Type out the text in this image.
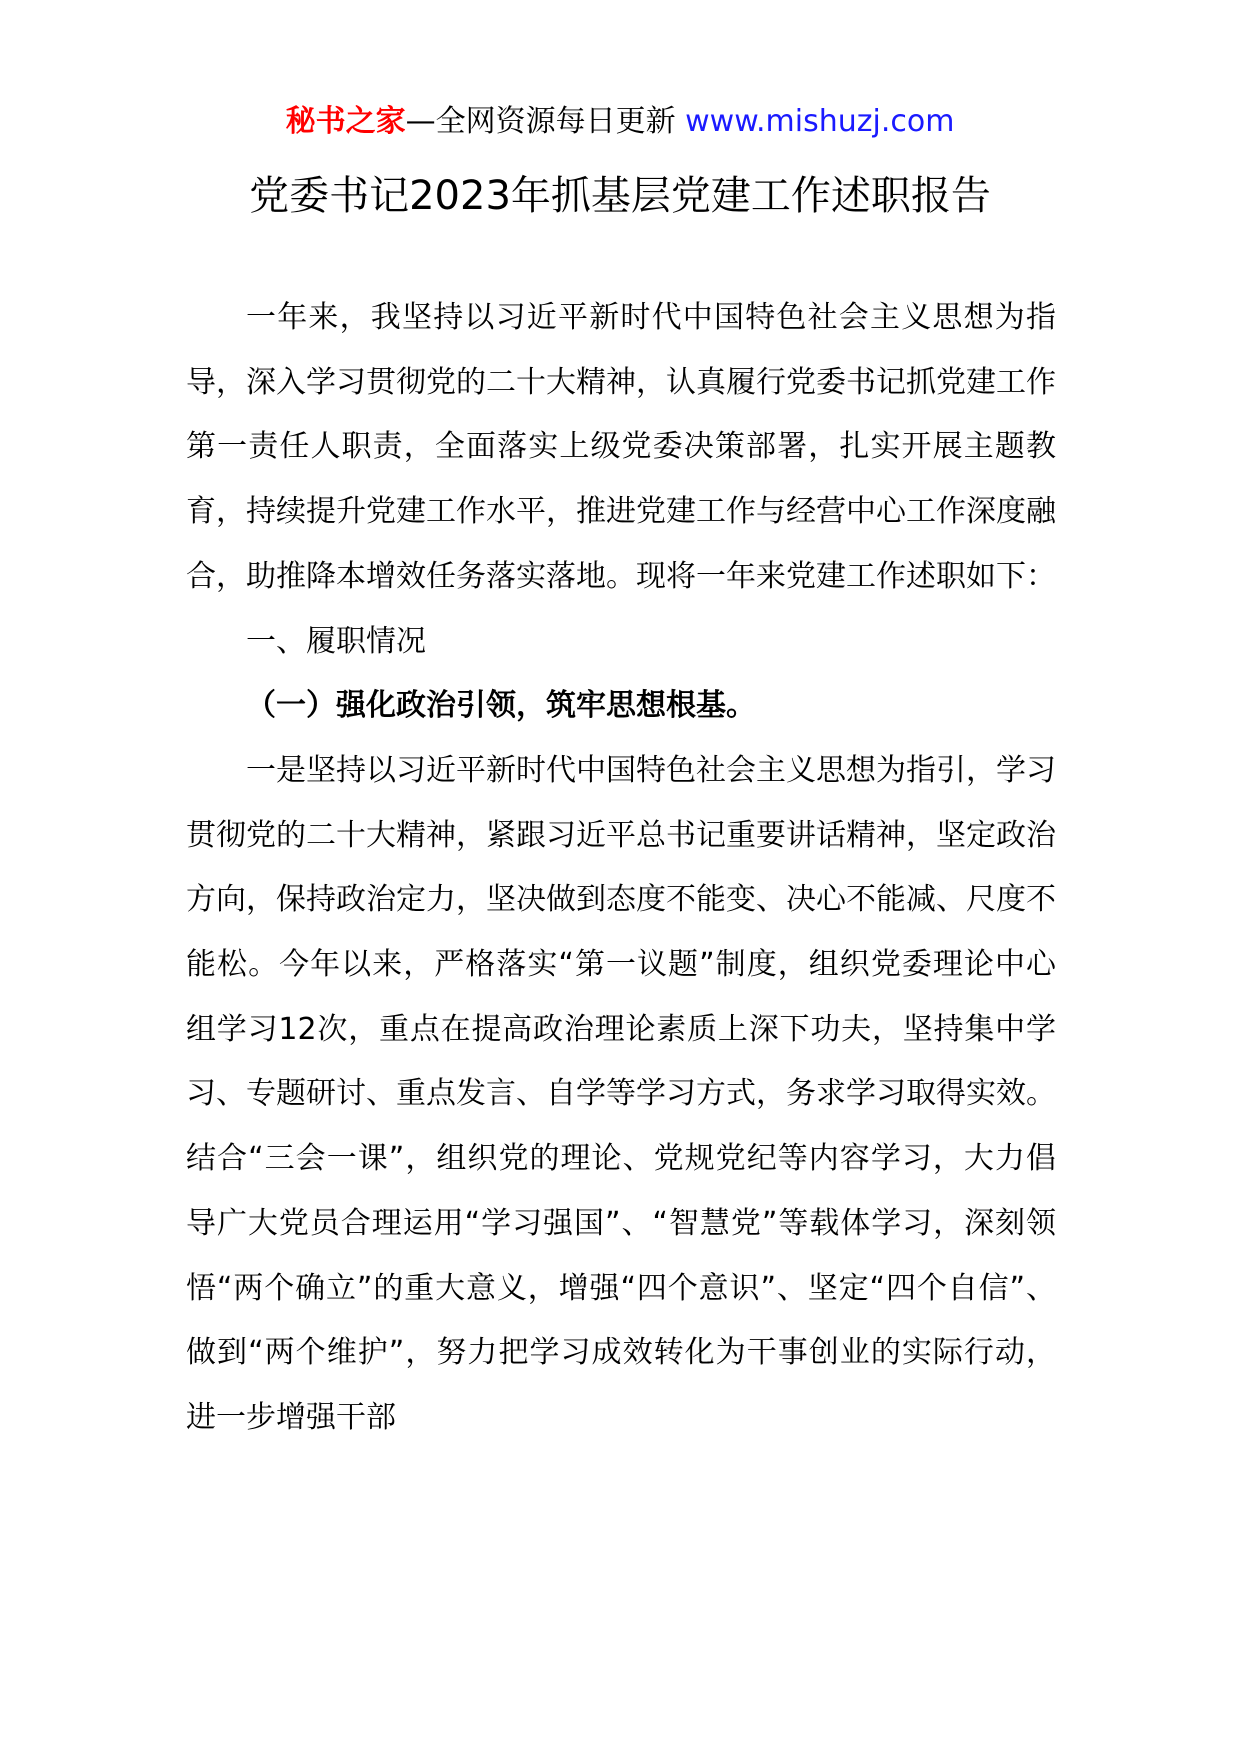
秘书之家—全网资源每日更新 www.mishuzj.com
党委书记2023年抓基层党建工作述职报告

一年来，我坚持以习近平新时代中国特色社会主义思想为指导，深入学习贯彻党的二十大精神，认真履行党委书记抓党建工作第一责任人职责，全面落实上级党委决策部署，扎实开展主题教育，持续提升党建工作水平，推进党建工作与经营中心工作深度融合，助推降本增效任务落实落地。现将一年来党建工作述职如下：

一、履职情况

（一）强化政治引领，筑牢思想根基。

一是坚持以习近平新时代中国特色社会主义思想为指引，学习贯彻党的二十大精神，紧跟习近平总书记重要讲话精神，坚定政治方向，保持政治定力，坚决做到态度不能变、决心不能减、尺度不能松。今年以来，严格落实“第一议题”制度，组织党委理论中心组学习12次，重点在提高政治理论素质上深下功夫，坚持集中学习、专题研讨、重点发言、自学等学习方式，务求学习取得实效。结合“三会一课”，组织党的理论、党规党纪等内容学习，大力倡导广大党员合理运用“学习强国”、“智慧党”等载体学习，深刻领悟“两个确立”的重大意义，增强“四个意识”、坚定“四个自信”、做到“两个维护”，努力把学习成效转化为干事创业的实际行动，进一步增强干部
